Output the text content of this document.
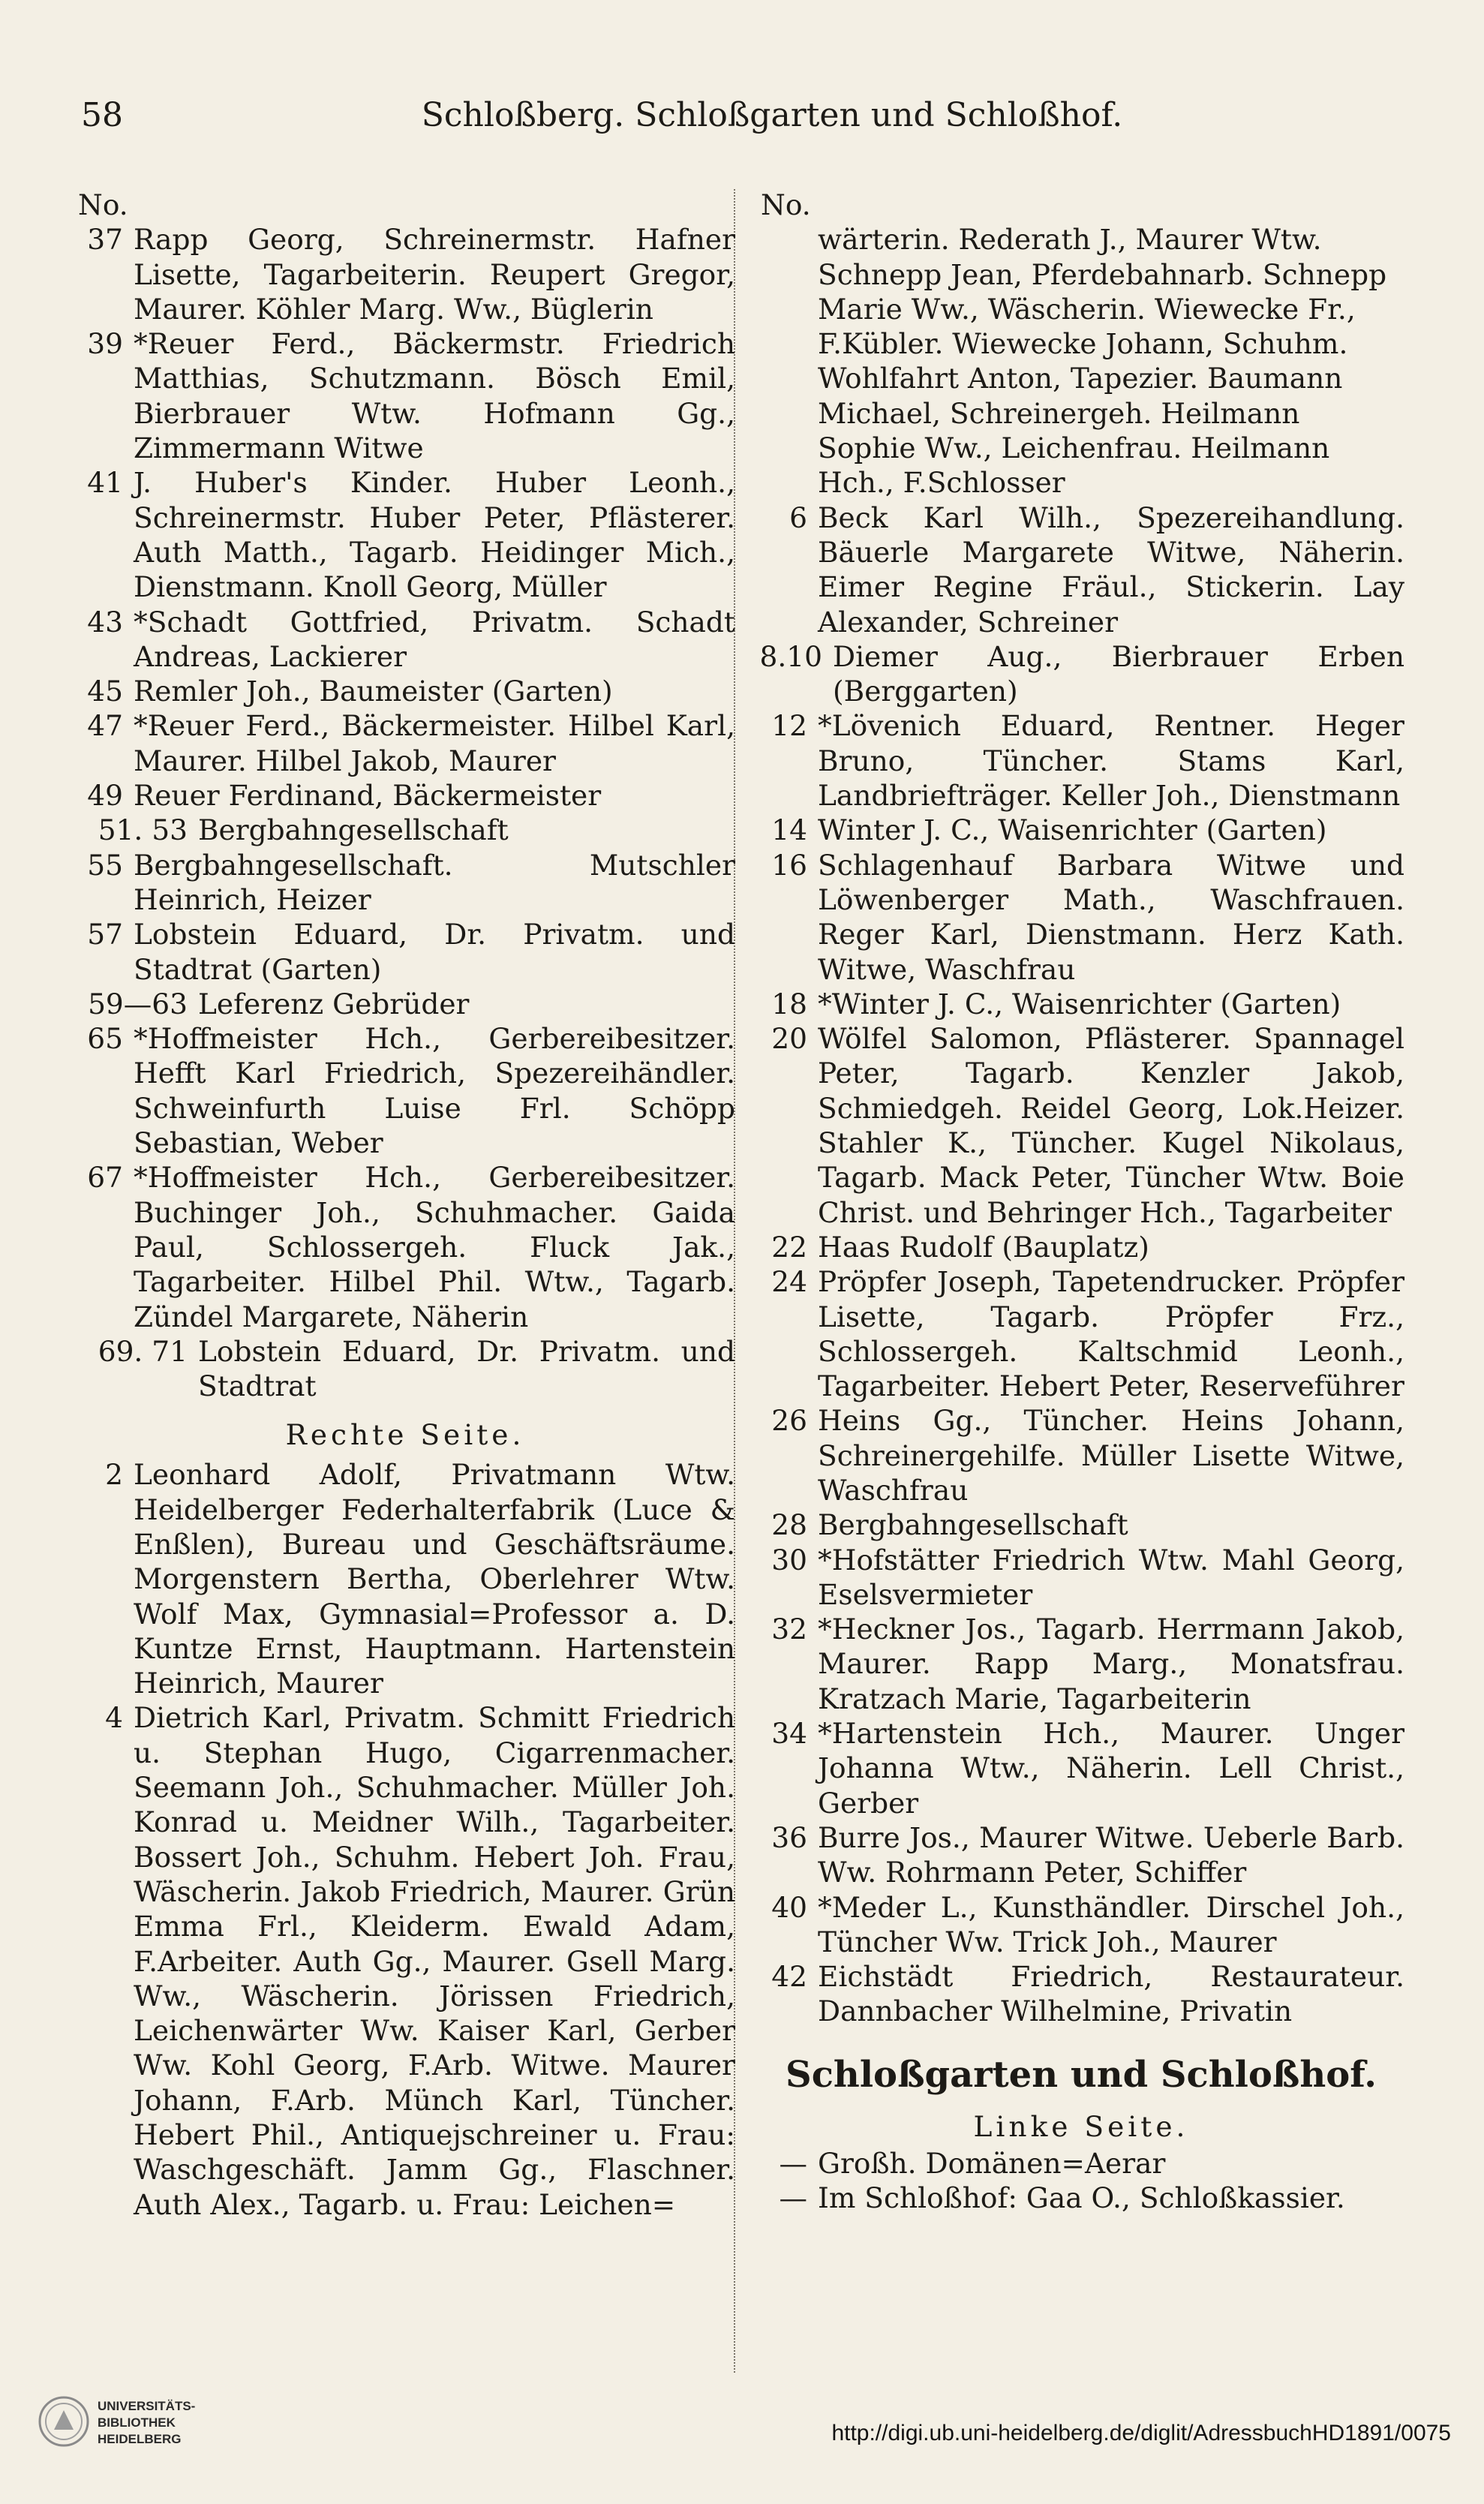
58	Schloßberg. Schloßgarten und Schloßhof.
No.
37 Rapp Georg, Schreinermstr. Hafner Lisette, Tagarbeiterin. Reupert Gregor, Maurer. Köhler Marg. Ww., Büglerin
39 *Reuer Ferd., Bäckermstr. Friedrich Matthias, Schutzmann. Bösch Emil, Bierbrauer Wtw. Hofmann Gg., Zimmermann Witwe
41 J. Huber's Kinder. Huber Leonh., Schreinermstr. Huber Peter, Pflästerer. Auth Matth., Tagarb. Heidinger Mich., Dienstmann. Knoll Georg, Müller
43 *Schadt Gottfried, Privatm. Schadt Andreas, Lackierer
45 Remler Joh., Baumeister (Garten)
47 *Reuer Ferd., Bäckermeister. Hilbel Karl, Maurer. Hilbel Jakob, Maurer
49 Reuer Ferdinand, Bäckermeister
51. 53 Bergbahngesellschaft
55 Bergbahngesellschaft. Mutschler Heinrich, Heizer
57 Lobstein Eduard, Dr. Privatm. und Stadtrat (Garten)
59—63 Leferenz Gebrüder
65 *Hoffmeister Hch., Gerbereibesitzer. Hefft Karl Friedrich, Spezereihändler. Schweinfurth Luise Frl. Schöpp Sebastian, Weber
67 *Hoffmeister Hch., Gerbereibesitzer. Buchinger Joh., Schuhmacher. Gaida Paul, Schlossergeh. Fluck Jak., Tagarbeiter. Hilbel Phil. Wtw., Tagarb. Zündel Margarete, Näherin
69. 71 Lobstein Eduard, Dr. Privatm. und Stadtrat
Rechte Seite.
2 Leonhard Adolf, Privatmann Wtw. Heidelberger Federhalterfabrik (Luce & Enßlen), Bureau und Geschäftsräume. Morgenstern Bertha, Oberlehrer Wtw. Wolf Max, Gymnasial=Professor a. D. Kuntze Ernst, Hauptmann. Hartenstein Heinrich, Maurer
4 Dietrich Karl, Privatm. Schmitt Friedrich u. Stephan Hugo, Cigarrenmacher. Seemann Joh., Schuhmacher. Müller Joh. Konrad u. Meidner Wilh., Tagarbeiter. Bossert Joh., Schuhm. Hebert Joh. Frau, Wäscherin. Jakob Friedrich, Maurer. Grün Emma Frl., Kleiderm. Ewald Adam, F.Arbeiter. Auth Gg., Maurer. Gsell Marg. Ww., Wäscherin. Jörissen Friedrich, Leichenwärter Ww. Kaiser Karl, Gerber Ww. Kohl Georg, F.Arb. Witwe. Maurer Johann, F.Arb. Münch Karl, Tüncher. Hebert Phil., Antiquejschreiner u. Frau: Waschgeschäft. Jamm Gg., Flaschner. Auth Alex., Tagarb. u. Frau: Leichen=
No.
wärterin. Rederath J., Maurer Wtw. Schnepp Jean, Pferdebahnarb. Schnepp Marie Ww., Wäscherin. Wiewecke Fr., F.Kübler. Wiewecke Johann, Schuhm. Wohlfahrt Anton, Tapezier. Baumann Michael, Schreinergeh. Heilmann Sophie Ww., Leichenfrau. Heilmann Hch., F.Schlosser
6 Beck Karl Wilh., Spezereihandlung. Bäuerle Margarete Witwe, Näherin. Eimer Regine Fräul., Stickerin. Lay Alexander, Schreiner
8.10 Diemer Aug., Bierbrauer Erben (Berggarten)
12 *Lövenich Eduard, Rentner. Heger Bruno, Tüncher. Stams Karl, Landbriefträger. Keller Joh., Dienstmann
14 Winter J. C., Waisenrichter (Garten)
16 Schlagenhauf Barbara Witwe und Löwenberger Math., Waschfrauen. Reger Karl, Dienstmann. Herz Kath. Witwe, Waschfrau
18 *Winter J. C., Waisenrichter (Garten)
20 Wölfel Salomon, Pflästerer. Spannagel Peter, Tagarb. Kenzler Jakob, Schmiedgeh. Reidel Georg, Lok.Heizer. Stahler K., Tüncher. Kugel Nikolaus, Tagarb. Mack Peter, Tüncher Wtw. Boie Christ. und Behringer Hch., Tagarbeiter
22 Haas Rudolf (Bauplatz)
24 Pröpfer Joseph, Tapetendrucker. Pröpfer Lisette, Tagarb. Pröpfer Frz., Schlossergeh. Kaltschmid Leonh., Tagarbeiter. Hebert Peter, Reserveführer
26 Heins Gg., Tüncher. Heins Johann, Schreinergehilfe. Müller Lisette Witwe, Waschfrau
28 Bergbahngesellschaft
30 *Hofstätter Friedrich Wtw. Mahl Georg, Eselsvermieter
32 *Heckner Jos., Tagarb. Herrmann Jakob, Maurer. Rapp Marg., Monatsfrau. Kratzach Marie, Tagarbeiterin
34 *Hartenstein Hch., Maurer. Unger Johanna Wtw., Näherin. Lell Christ., Gerber
36 Burre Jos., Maurer Witwe. Ueberle Barb. Ww. Rohrmann Peter, Schiffer
40 *Meder L., Kunsthändler. Dirschel Joh., Tüncher Ww. Trick Joh., Maurer
42 Eichstädt Friedrich, Restaurateur. Dannbacher Wilhelmine, Privatin
Schloßgarten und Schloßhof.
Linke Seite.
— Großh. Domänen=Aerar
— Im Schloßhof: Gaa O., Schloßkassier.
UNIVERSITÄTS-
BIBLIOTHEK
HEIDELBERG	http://digi.ub.uni-heidelberg.de/diglit/AdressbuchHD1891/0075
